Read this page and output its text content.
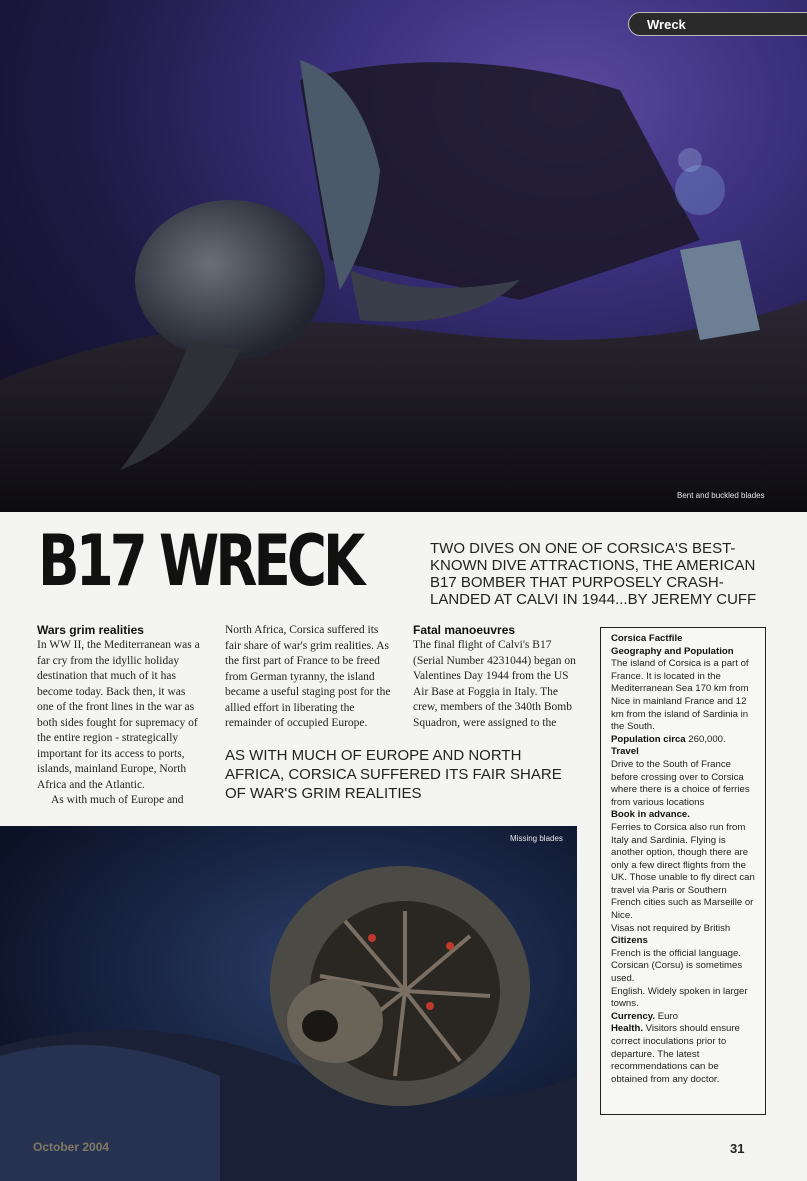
Wreck
Bent and buckled blades
B17 WRECK	TWO DIVES ON ONE OF CORSICA'S BEST-KNOWN DIVE ATTRACTIONS, THE AMERICAN B17 BOMBER THAT PURPOSELY CRASH-LANDED AT CALVI IN 1944...BY JEREMY CUFF
Wars grim realities

In WW II, the Mediterranean was a far cry from the idyllic holiday destination that much of it has become today. Back then, it was one of the front lines in the war as both sides fought for supremacy of the entire region - strategically important for its access to ports, islands, mainland Europe, North Africa and the Atlantic.

As with much of Europe and

North Africa, Corsica suffered its fair share of war's grim realities. As the first part of France to be freed from German tyranny, the island became a useful staging post for the allied effort in liberating the remainder of occupied Europe.

Fatal manoeuvres

The final flight of Calvi's B17 (Serial Number 4231044) began on Valentines Day 1944 from the US Air Base at Foggia in Italy. The crew, members of the 340th Bomb Squadron, were assigned to the

AS WITH MUCH OF EUROPE AND NORTH AFRICA, CORSICA SUFFERED ITS FAIR SHARE OF WAR'S GRIM REALITIES
Missing blades
Corsica Factfile
Geography and Population
The island of Corsica is a part of France. It is located in the Mediterranean Sea 170 km from Nice in mainland France and 12 km from the island of Sardinia in the South.
Population circa 260,000.
Travel
Drive to the South of France before crossing over to Corsica where there is a choice of ferries from various locations
Book in advance.
Ferries to Corsica also run from Italy and Sardinia. Flying is another option, though there are only a few direct flights from the UK. Those unable to fly direct can travel via Paris or Southern French cities such as Marseille or Nice.
Visas not required by British
Citizens
French is the official language. Corsican (Corsu) is sometimes used.
English. Widely spoken in larger towns.
Currency. Euro
Health. Visitors should ensure correct inoculations prior to departure. The latest recommendations can be obtained from any doctor.
October 2004	31
